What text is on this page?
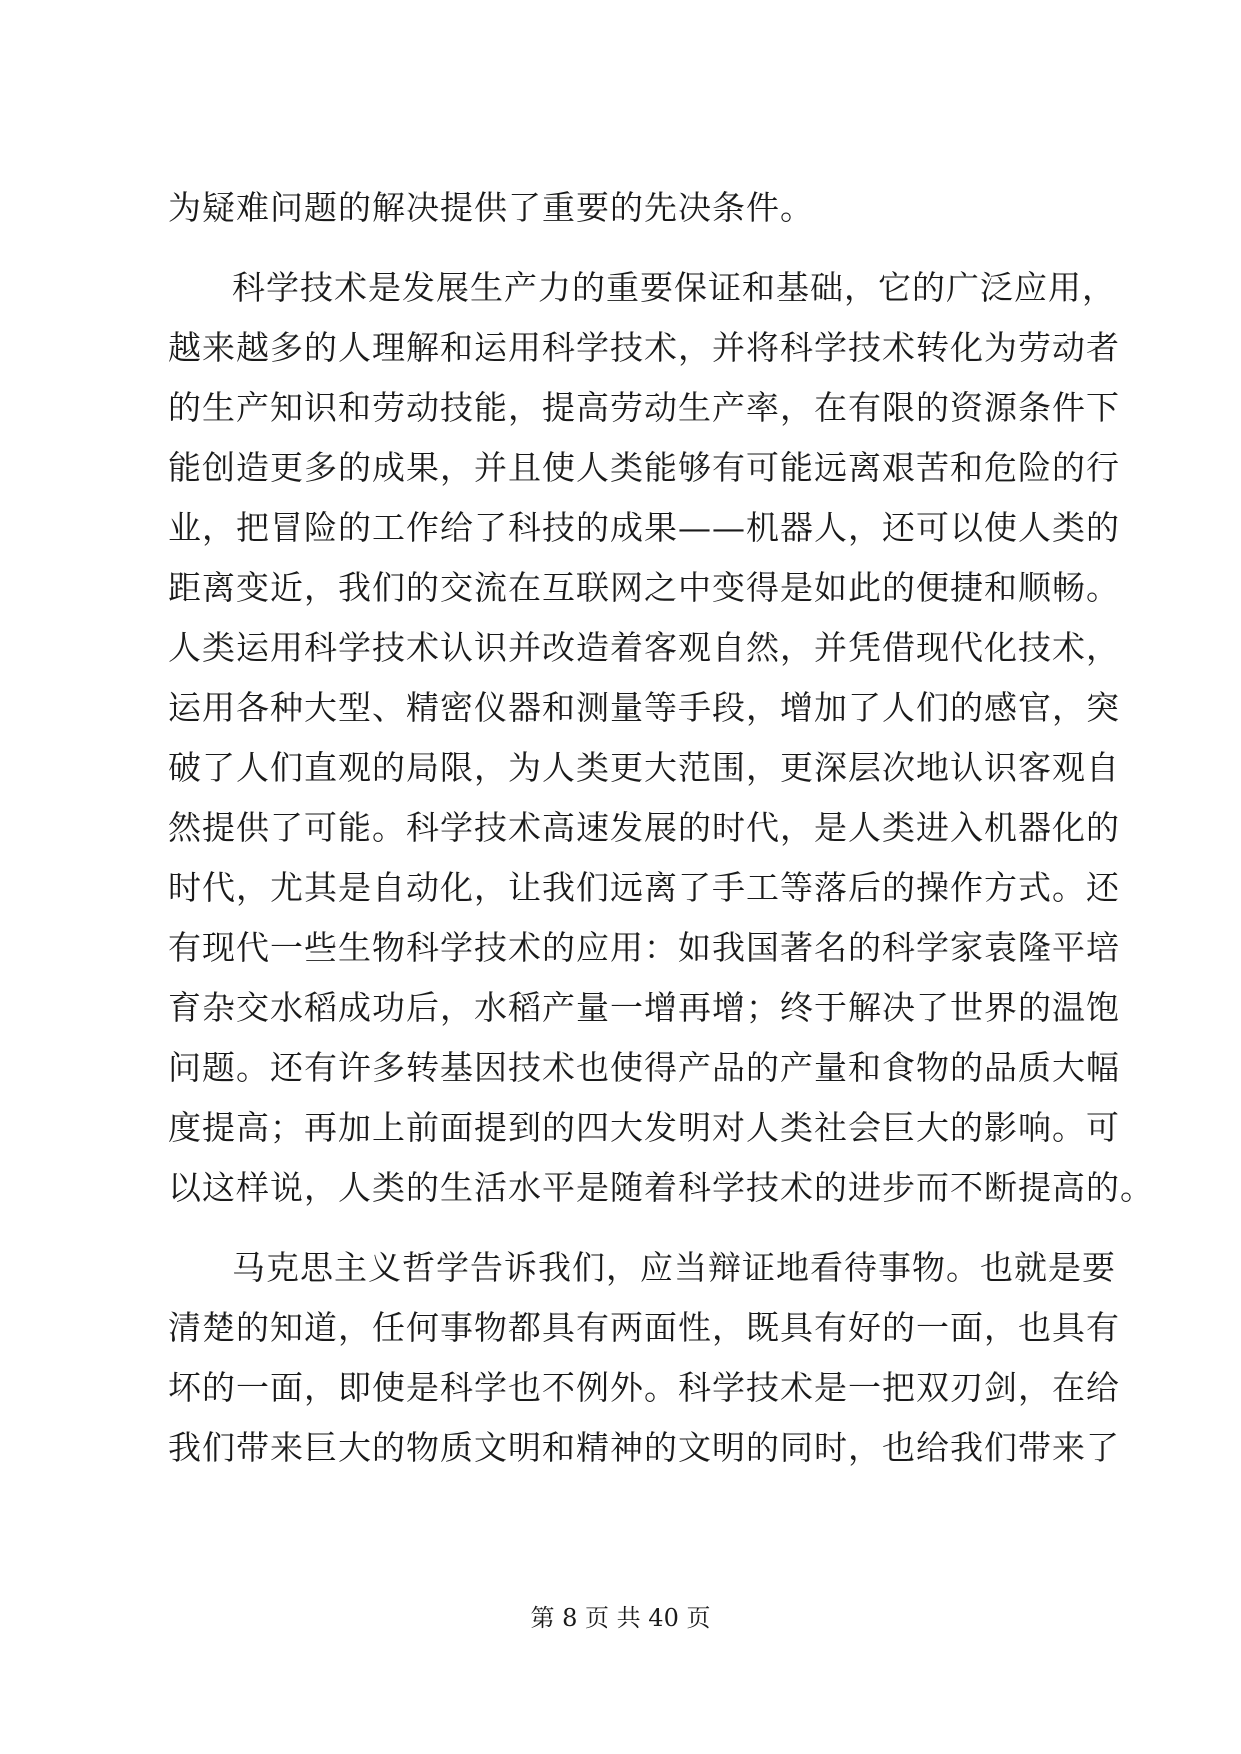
为疑难问题的解决提供了重要的先决条件。
科学技术是发展生产力的重要保证和基础，它的广泛应用，
越来越多的人理解和运用科学技术，并将科学技术转化为劳动者
的生产知识和劳动技能，提高劳动生产率，在有限的资源条件下
能创造更多的成果，并且使人类能够有可能远离艰苦和危险的行
业，把冒险的工作给了科技的成果——机器人，还可以使人类的
距离变近，我们的交流在互联网之中变得是如此的便捷和顺畅。
人类运用科学技术认识并改造着客观自然，并凭借现代化技术，
运用各种大型、精密仪器和测量等手段，增加了人们的感官，突
破了人们直观的局限，为人类更大范围，更深层次地认识客观自
然提供了可能。科学技术高速发展的时代，是人类进入机器化的
时代，尤其是自动化，让我们远离了手工等落后的操作方式。还
有现代一些生物科学技术的应用：如我国著名的科学家袁隆平培
育杂交水稻成功后，水稻产量一增再增；终于解决了世界的温饱
问题。还有许多转基因技术也使得产品的产量和食物的品质大幅
度提高；再加上前面提到的四大发明对人类社会巨大的影响。可
以这样说，人类的生活水平是随着科学技术的进步而不断提高的。
马克思主义哲学告诉我们，应当辩证地看待事物。也就是要
清楚的知道，任何事物都具有两面性，既具有好的一面，也具有
坏的一面，即使是科学也不例外。科学技术是一把双刃剑，在给
我们带来巨大的物质文明和精神的文明的同时，也给我们带来了
第 8 页 共 40 页
